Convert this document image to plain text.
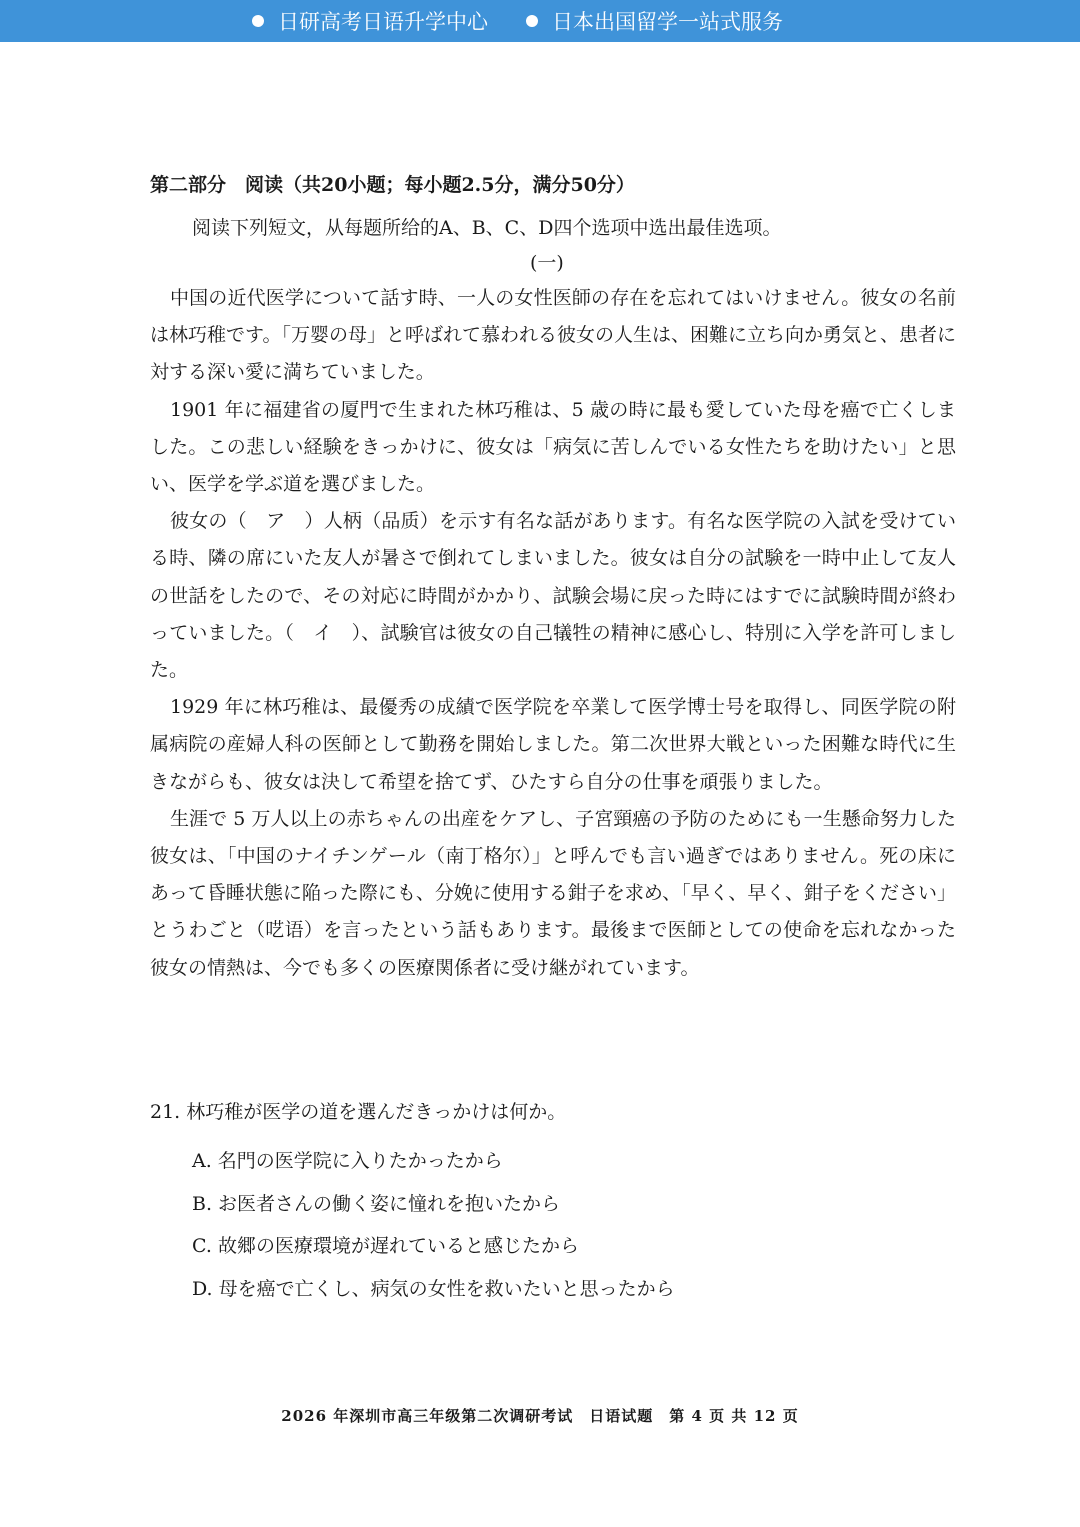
日研高考日语升学中心	日本出国留学一站式服务
第二部分　阅读（共20小题；每小题2.5分，满分50分）
阅读下列短文，从每题所给的A、B、C、D四个选项中选出最佳选项。
(一)

中国の近代医学について話す時、一人の女性医師の存在を忘れてはいけません。彼女の名前は林巧稚です。「万婴の母」と呼ばれて慕われる彼女の人生は、困難に立ち向か勇気と、患者に対する深い愛に満ちていました。

1901 年に福建省の厦門で生まれた林巧稚は、5 歳の時に最も愛していた母を癌で亡くしました。この悲しい経験をきっかけに、彼女は「病気に苦しんでいる女性たちを助けたい」と思い、医学を学ぶ道を選びました。

彼女の（　ア　）人柄（品质）を示す有名な話があります。有名な医学院の入試を受けている時、隣の席にいた友人が暑さで倒れてしまいました。彼女は自分の試験を一時中止して友人の世話をしたので、その対応に時間がかかり、試験会場に戻った時にはすでに試験時間が終わっていました。（　イ　）、試験官は彼女の自己犠牲の精神に感心し、特別に入学を許可しました。

1929 年に林巧稚は、最優秀の成績で医学院を卒業して医学博士号を取得し、同医学院の附属病院の産婦人科の医師として勤務を開始しました。第二次世界大戦といった困難な時代に生きながらも、彼女は決して希望を捨てず、ひたすら自分の仕事を頑張りました。

生涯で 5 万人以上の赤ちゃんの出産をケアし、子宮頸癌の予防のためにも一生懸命努力した彼女は、「中国のナイチンゲール（南丁格尔）」と呼んでも言い過ぎではありません。死の床にあって昏睡状態に陥った際にも、分娩に使用する鉗子を求め、「早く、早く、鉗子をください」とうわごと（呓语）を言ったという話もあります。最後まで医師としての使命を忘れなかった彼女の情熱は、今でも多くの医療関係者に受け継がれています。

21. 林巧稚が医学の道を選んだきっかけは何か。
A. 名門の医学院に入りたかったから
B. お医者さんの働く姿に憧れを抱いたから
C. 故郷の医療環境が遅れていると感じたから
D. 母を癌で亡くし、病気の女性を救いたいと思ったから
2026 年深圳市高三年级第二次调研考试　日语试题　第 4 页 共 12 页
